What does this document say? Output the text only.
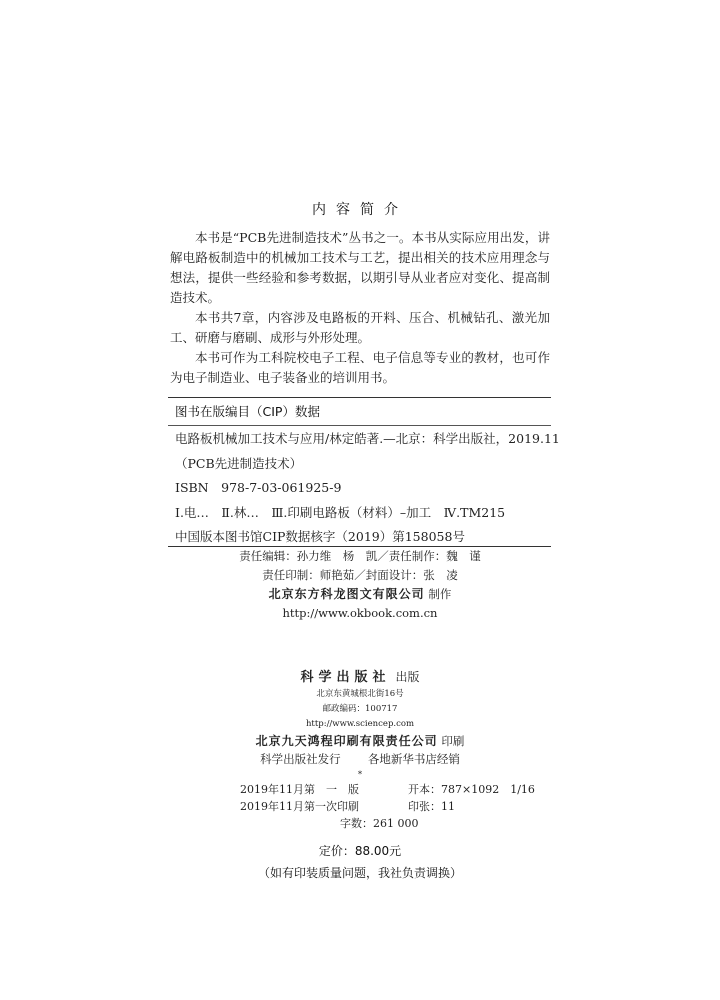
内容简介

本书是“PCB先进制造技术”丛书之一。本书从实际应用出发，讲解电路板制造中的机械加工技术与工艺，提出相关的技术应用理念与想法，提供一些经验和参考数据，以期引导从业者应对变化、提高制造技术。

本书共7章，内容涉及电路板的开料、压合、机械钻孔、激光加工、研磨与磨刷、成形与外形处理。

本书可作为工科院校电子工程、电子信息等专业的教材，也可作为电子制造业、电子装备业的培训用书。

图书在版编目（CIP）数据
电路板机械加工技术与应用/林定皓著.—北京：科学出版社，2019.11
（PCB先进制造技术）
ISBN　978-7-03-061925-9
Ⅰ.电…　Ⅱ.林…　Ⅲ.印刷电路板（材料）–加工　Ⅳ.TM215
中国版本图书馆CIP数据核字（2019）第158058号
责任编辑：孙力维　杨　凯／责任制作：魏　谨
责任印制：师艳茹／封面设计：张　凌
北京东方科龙图文有限公司 制作
http://www.okbook.com.cn
科学出版社 出版
北京东黄城根北街16号
邮政编码：100717
http://www.sciencep.com
北京九天鸿程印刷有限责任公司 印刷
科学出版社发行 各地新华书店经销
*
2019年11月第　一　版	开本：787×1092　1/16
2019年11月第一次印刷	印张：11
字数：261 000
定价：88.00元
（如有印装质量问题，我社负责调换）
